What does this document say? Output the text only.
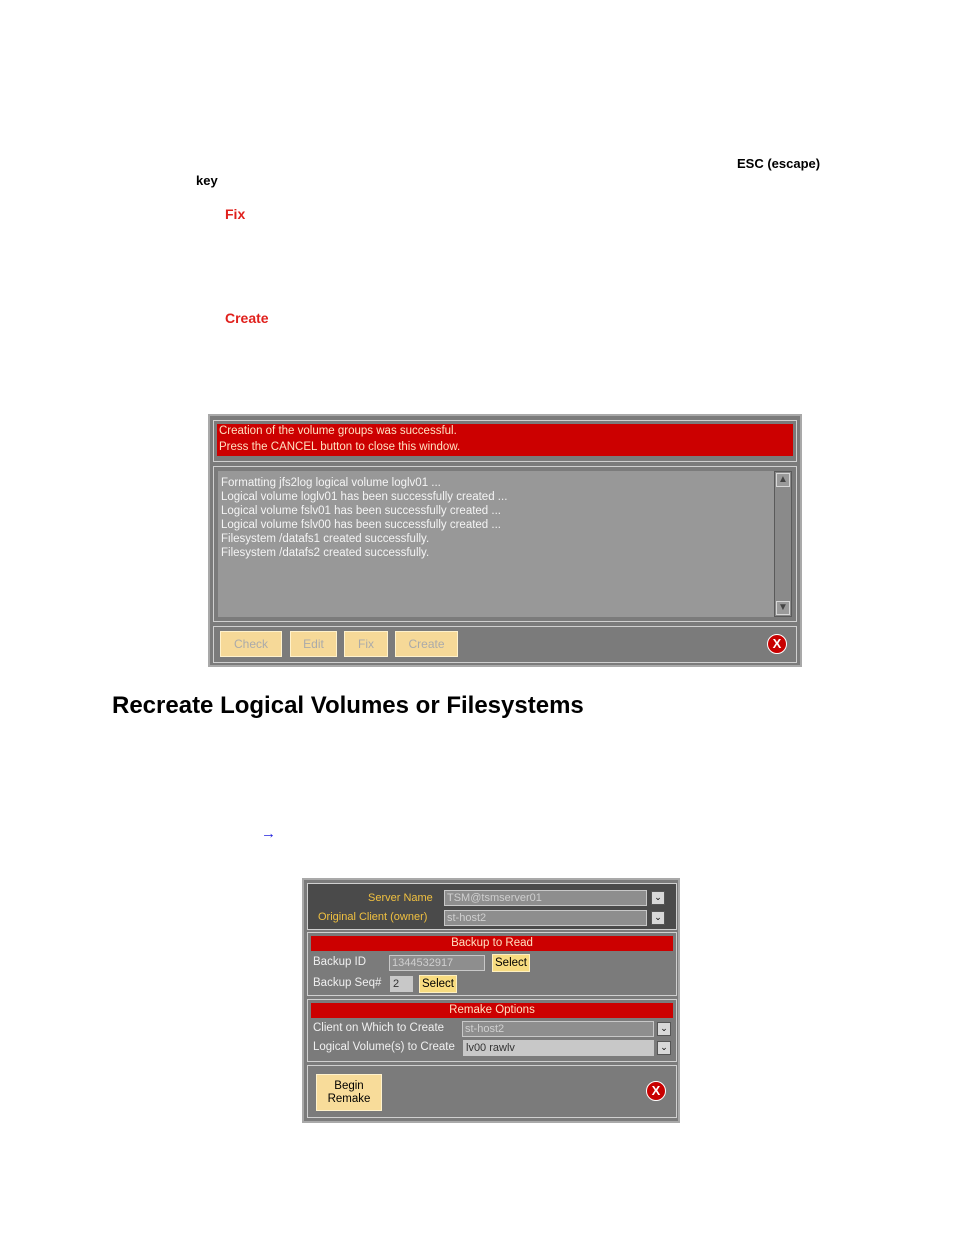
ESC (escape)
key
Fix
Create
Creation of the volume groups was successful.
Press the CANCEL button to close this window.
Formatting jfs2log logical volume loglv01 ...
Logical volume loglv01 has been successfully created ...
Logical volume fslv01 has been successfully created ...
Logical volume fslv00 has been successfully created ...
Filesystem /datafs1 created successfully.
Filesystem /datafs2 created successfully.
▲
▼
Check	Edit	Fix	Create	X
Recreate Logical Volumes or Filesystems
→
Server Name TSM@tsmserver01	⌄
Original Client (owner) st-host2	⌄
Backup to Read
Backup ID 1344532917	Select
Backup Seq# 2	Select
Remake Options
Client on Which to Create st-host2	⌄
Logical Volume(s) to Create lv00 rawlv	⌄
Begin
Remake
X
